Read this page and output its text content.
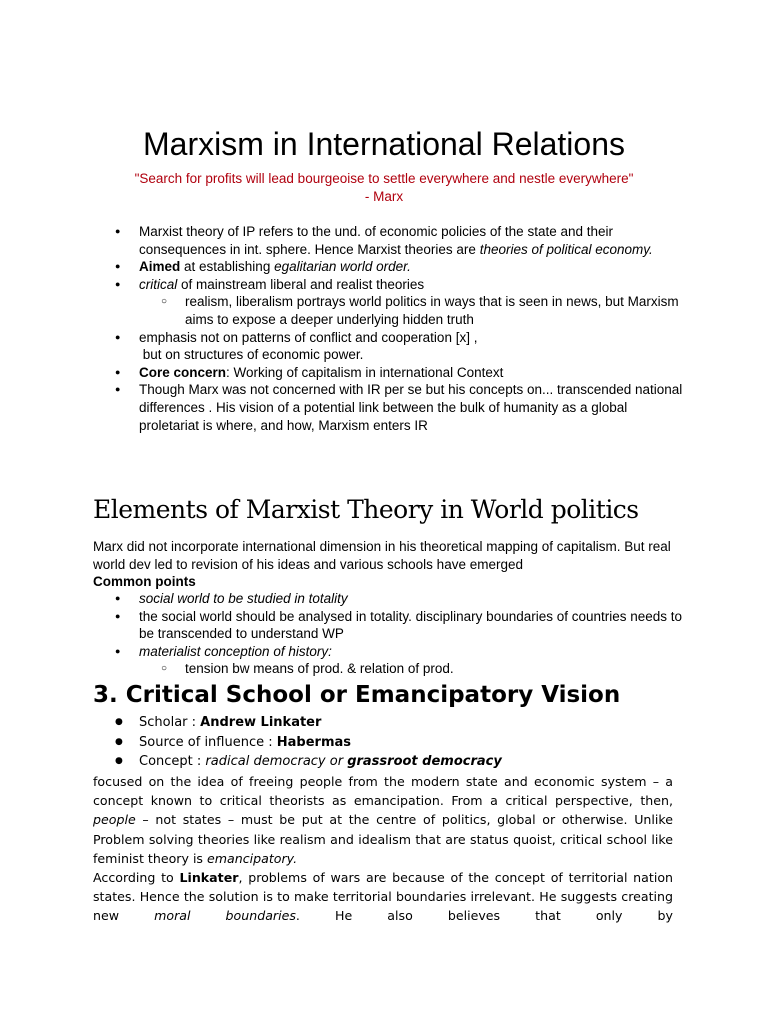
Marxism in International Relations
"Search for profits will lead bourgeoise to settle everywhere and nestle everywhere"
- Marx
● Marxist theory of IP refers to the und. of economic policies of the state and their consequences in int. sphere. Hence Marxist theories are theories of political economy.
● Aimed at establishing egalitarian world order.
● critical of mainstream liberal and realist theories
○ realism, liberalism portrays world politics in ways that is seen in news, but Marxism aims to expose a deeper underlying hidden truth
● emphasis not on patterns of conflict and cooperation [x] ,
but on structures of economic power.
● Core concern: Working of capitalism in international Context
● Though Marx was not concerned with IR per se but his concepts on... transcended national differences . His vision of a potential link between the bulk of humanity as a global proletariat is where, and how, Marxism enters IR
Elements of Marxist Theory in World politics
Marx did not incorporate international dimension in his theoretical mapping of capitalism. But real world dev led to revision of his ideas and various schools have emerged
Common points
● social world to be studied in totality
● the social world should be analysed in totality. disciplinary boundaries of countries needs to be transcended to understand WP
● materialist conception of history:
○ tension bw means of prod. & relation of prod.
3. Critical School or Emancipatory Vision
● Scholar : Andrew Linkater
● Source of influence : Habermas
● Concept : radical democracy or grassroot democracy

focused on the idea of freeing people from the modern state and economic system – a concept known to critical theorists as emancipation. From a critical perspective, then, people – not states – must be put at the centre of politics, global or otherwise. Unlike Problem solving theories like realism and idealism that are status quoist, critical school like feminist theory is emancipatory.

According to Linkater, problems of wars are because of the concept of territorial nation states. Hence the solution is to make territorial boundaries irrelevant. He suggests creating new moral boundaries. He also believes that only by
